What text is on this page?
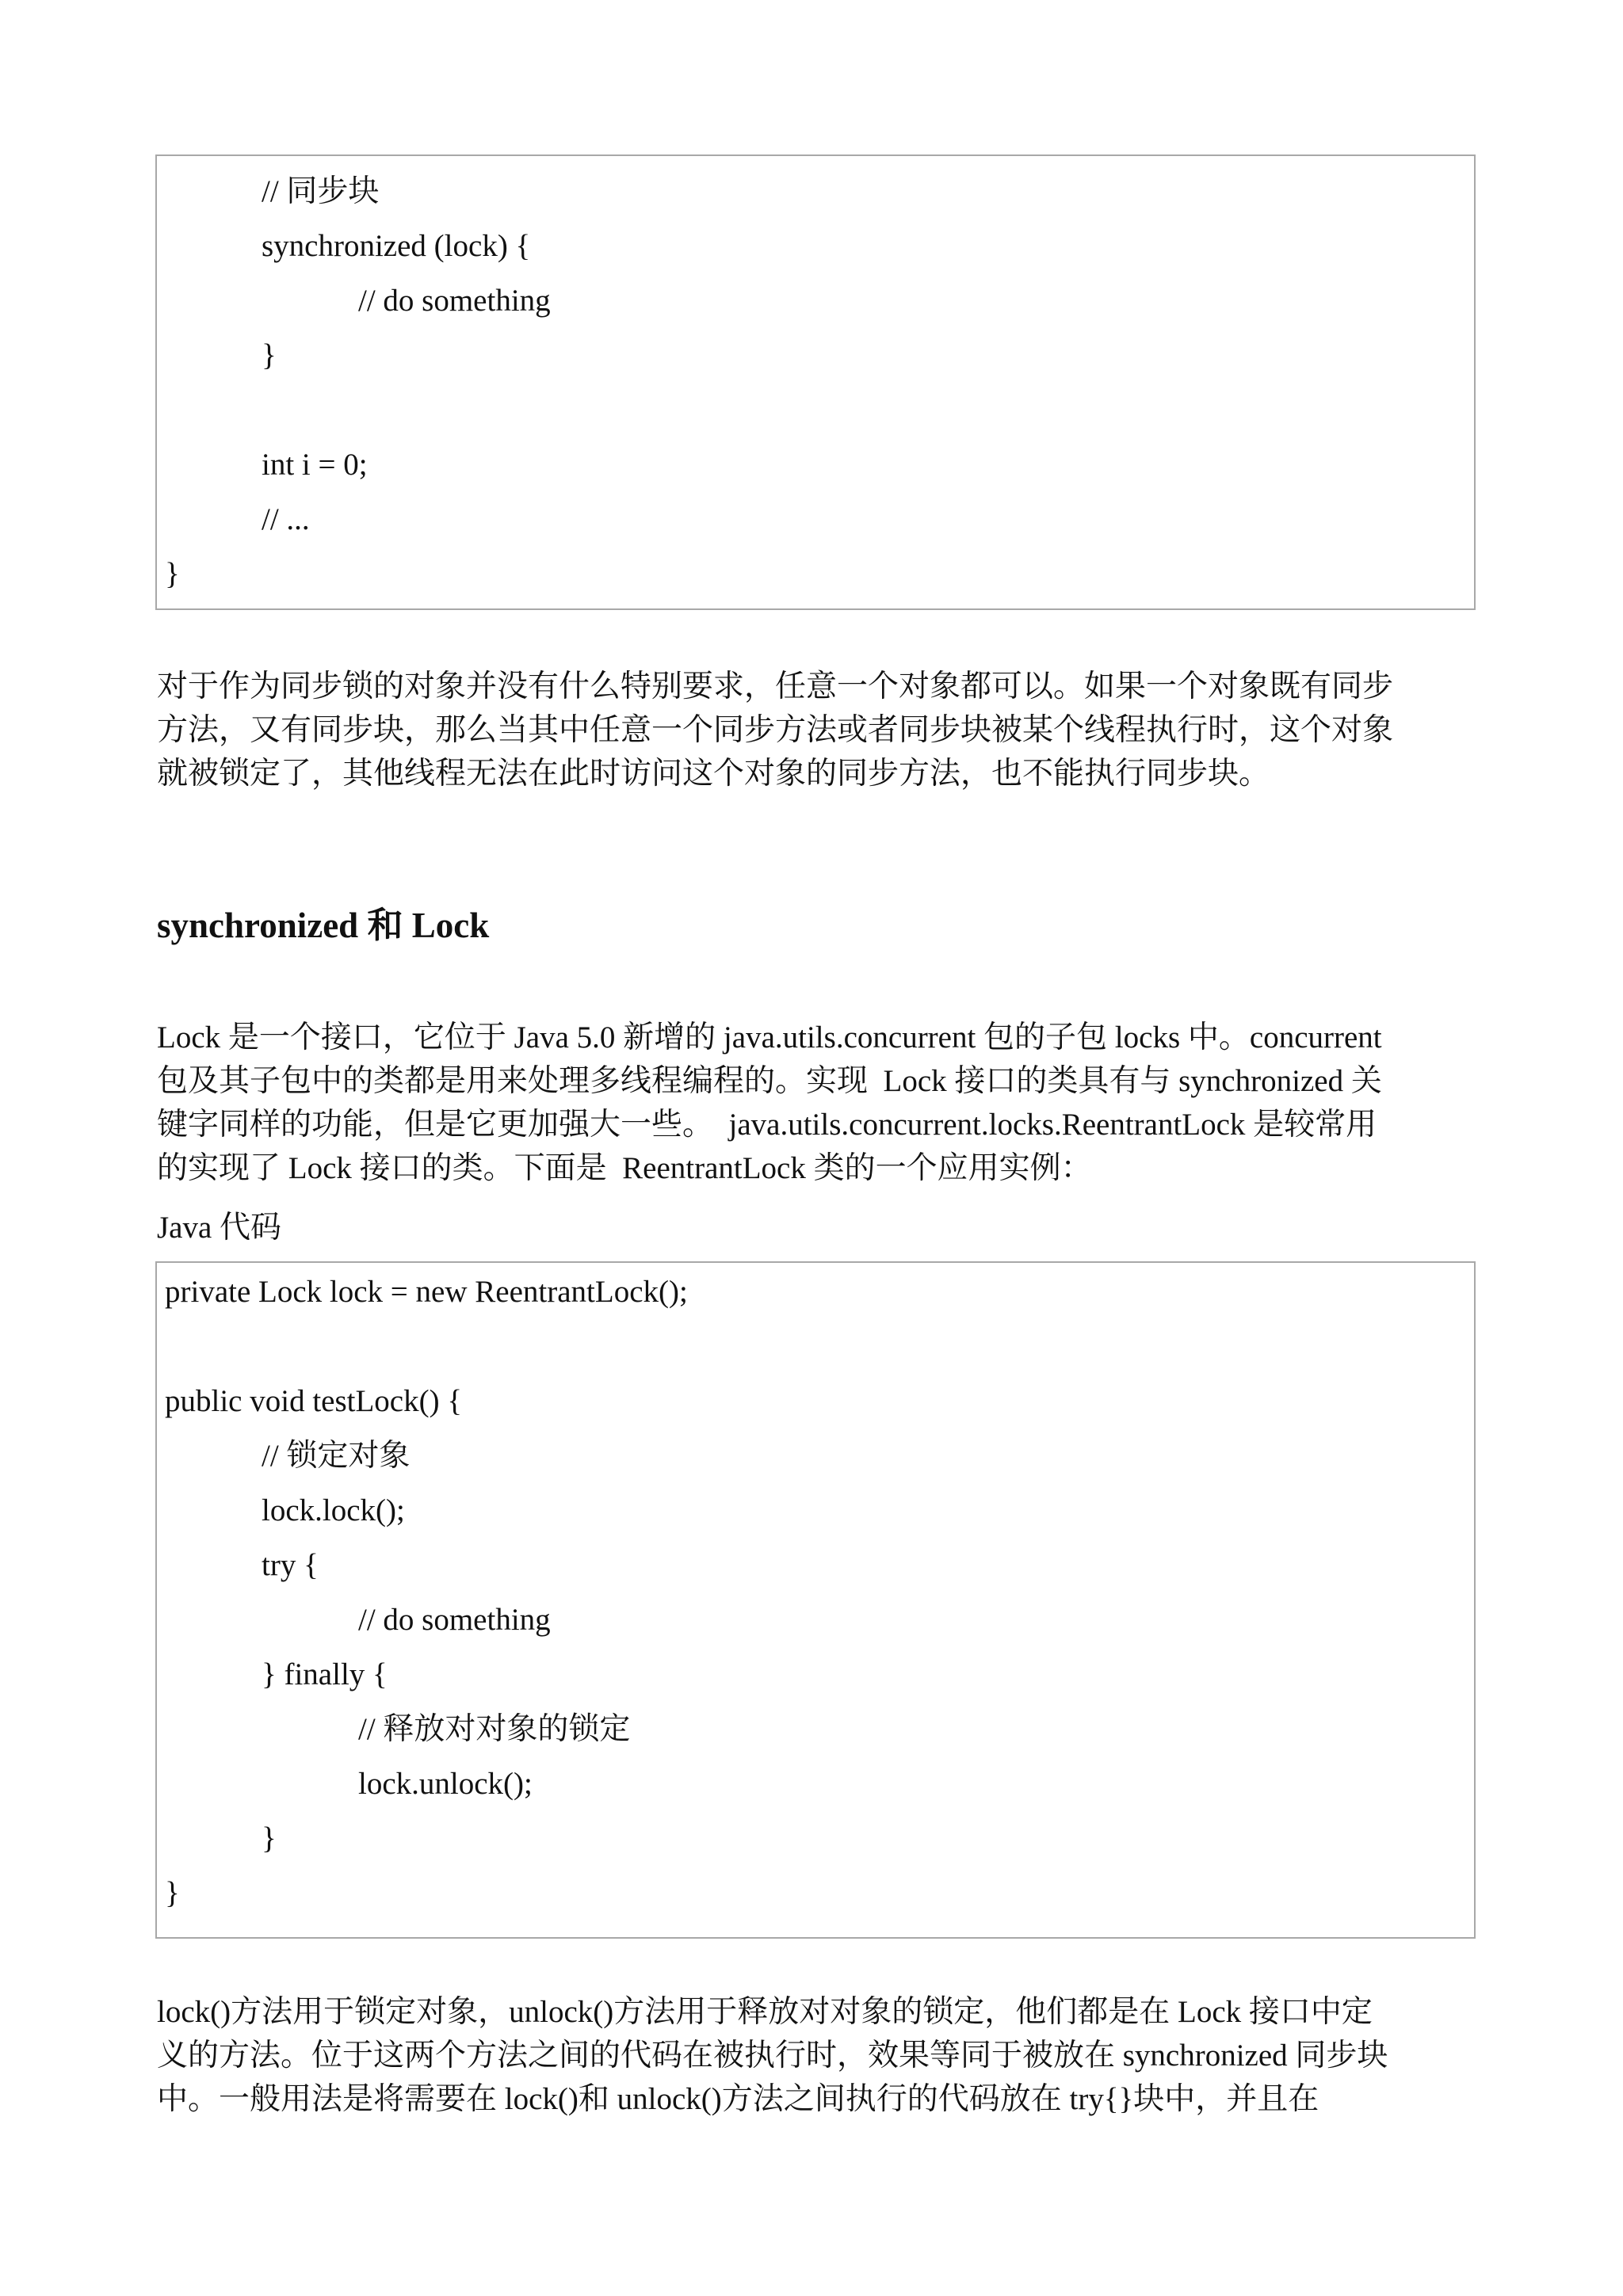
// 同步块
synchronized (lock) {
// do something
}
int i = 0;
// ...
}
对于作为同步锁的对象并没有什么特别要求，任意一个对象都可以。如果一个对象既有同步
方法，又有同步块，那么当其中任意一个同步方法或者同步块被某个线程执行时，这个对象
就被锁定了，其他线程无法在此时访问这个对象的同步方法，也不能执行同步块。
synchronized 和 Lock
Lock 是一个接口，它位于 Java 5.0 新增的 java.utils.concurrent 包的子包 locks 中。concurrent
包及其子包中的类都是用来处理多线程编程的。实现  Lock 接口的类具有与 synchronized 关
键字同样的功能，但是它更加强大一些。  java.utils.concurrent.locks.ReentrantLock 是较常用
的实现了 Lock 接口的类。下面是  ReentrantLock 类的一个应用实例：
Java 代码
private Lock lock = new ReentrantLock();
public void testLock() {
// 锁定对象
lock.lock();
try {
// do something
} finally {
// 释放对对象的锁定
lock.unlock();
}
}
lock()方法用于锁定对象，unlock()方法用于释放对对象的锁定，他们都是在 Lock 接口中定
义的方法。位于这两个方法之间的代码在被执行时，效果等同于被放在 synchronized 同步块
中。一般用法是将需要在 lock()和 unlock()方法之间执行的代码放在 try{}块中，并且在
